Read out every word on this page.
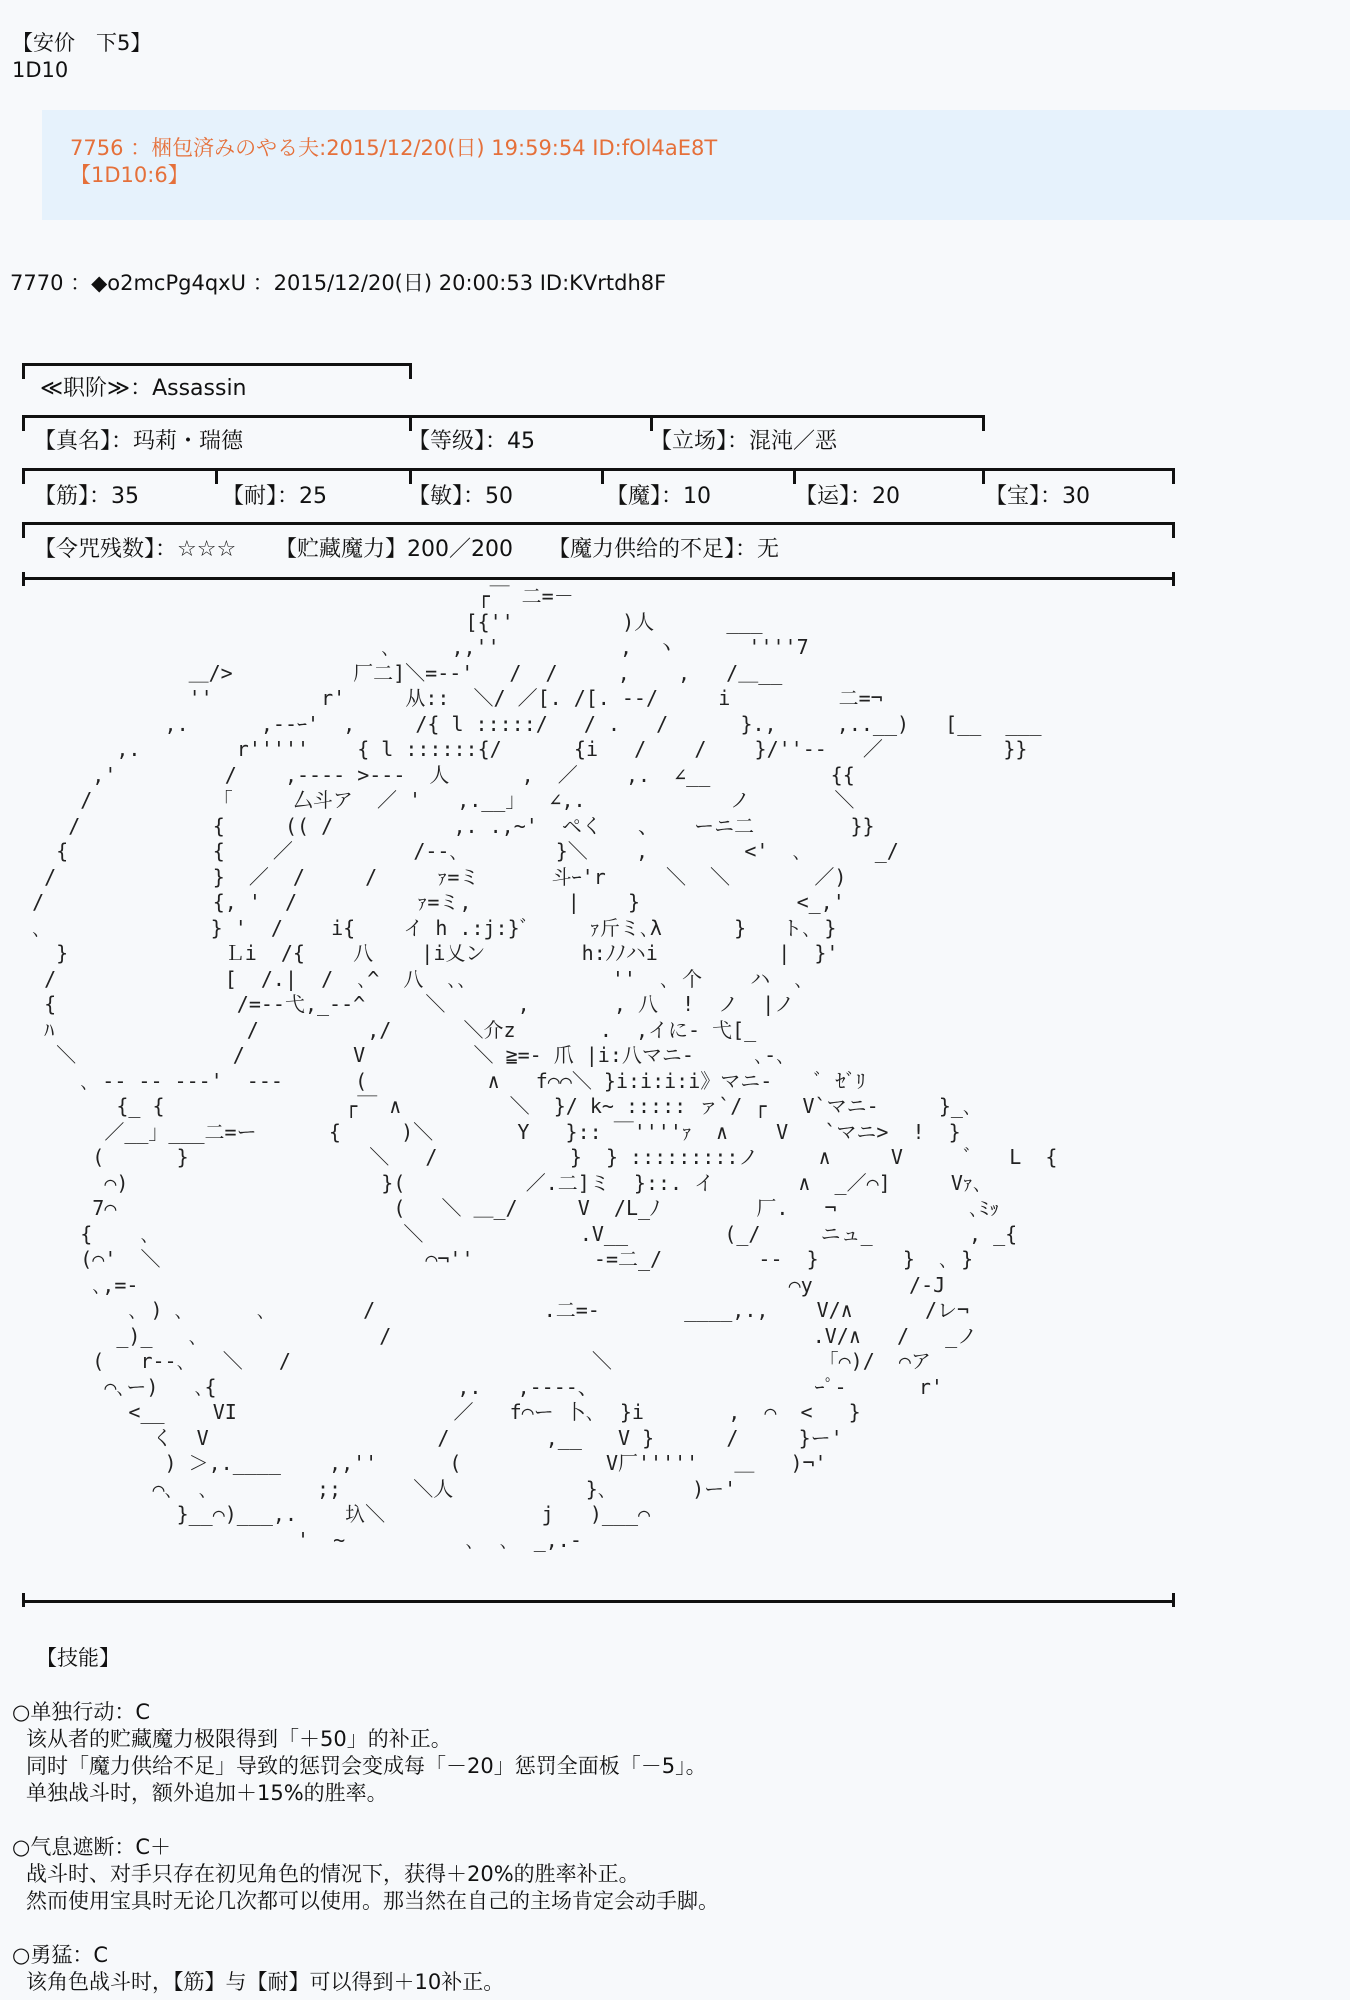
【安价　下5】

1D10

7756 ：梱包済みのやる夫:2015/12/20(日) 19:59:54 ID:fOl4aE8T
【1D10:6】

7770 ：◆o2mcPg4qxU ：2015/12/20(日) 20:00:53 ID:KVrtdh8F

≪职阶≫：Assassin
【真名】：玛莉・瑞德	【等级】：45	【立场】：混沌／恶
【筋】：35	【耐】：25	【敏】：50	【魔】：10	【运】：20	【宝】：30
【令咒残数】：☆☆☆ 【贮藏魔力】200／200 【魔力供给的不足】：无
┌￣ 二=－
[{''         )人      ___
､     ,,''          ,  ヽ      ''''7
＿/>          厂二]＼=--'   /  /     ,    ,   /＿__
''         r'     从::  ＼/ ／[. /[. -‐/     i         二=¬
,.      ,--ｰ'  ,     /{ l :::::/   / .   /      }.,     ,..__)   [__  ___
,.        r'''''    { l ::::::{/      {i   /    /    }/''--   ／          }}
,'         /    ,---- >---  人      ,  ／    ,.  ∠__          {{
/          「     厶斗ア  ／ '   ,.__」  ∠,.            ノ       ＼
/           {     (( /          ,. .,~'  ペく   、   ーニ二        }}
{            {    ／          /--､        }＼    ,        <'  ､      _/
/             }  ／  /     /     ｧ=ミ      斗ｰ'r     ＼  ＼       ／)
/              {, '  /          ｧ=ミ,        |    }             <_,'
､              } '  /    i{    イ h .:j:}ﾞ     ｧ斤ミ､λ      }   ト､ }
}             Ｌi  /{    八    |i乂ン        h:ﾉﾉハi          |  }'
/              [  /.|  /  ､^  八  ､､            ''  ､ 个    ハ  ､
{               /=--弋,_--^     ＼      ,       , 八  !  ノ  |ノ
ﾊ                /         ,/      ＼介z       .  ,イに- 弋[_
＼             /         V         ＼ ≧=- 爪 |i:八マニ-     ､-､
､ -- -- ---'  ---      (          ∧   f⌒⌒＼ }i:i:i:i》マニ-    ﾞ ｾﾞﾘ
{_ {               ┌￣ ∧         ＼  }/ k~ ::::: ァ`/ ┌   V`マニ-     }_､
／__」___二=ー      {     )＼       Y   }:: ￣''''ｧ  ∧    V   `マニ>  !  }
(      }               ＼   /           }  } :::::::::ノ     ∧     V     ﾞ   L  {
⌒)                     }(          ／.二]ミ  }::. イ       ∧  _／⌒]     Vｧ､
7⌒                       (   ＼ ＿_/     V  /L_ﾉ        厂.   ¬           ､ﾐｯ
{    ､                     ＼             .V__        (_/     ニュ_        , _{
(⌒'  ＼                      ⌒¬''          -=二_/        --  }       }  ､ }
､,=-                                                      ⌒y        /-J
､ ) ､      ､        /              .二=-       ____,.,    V/∧      /レ¬
_)_   ､               /                                   .V/∧   /   _ノ
(   r--､   ＼   /                         ＼                  ｢⌒)/  ⌒ア
⌒､ー)   ､{                    ,.   ,----、                  ｰﾟ-      r'
<__    VI                  ／   f⌒ー 卜､  }i       ,  ⌒  <   }
く  V                   /        ,__   V }      /     }ー'
) ＞,.____    ,,''      (            V厂'''''   ＿   )¬'
⌒､  ､         ;;      ＼人           }､       )ー'
}__⌒)___,.    圦＼             j   )___⌒
'  ~          ､  ､  _,.-
【技能】
○单独行动：C
该从者的贮藏魔力极限得到「＋50」的补正。
同时「魔力供给不足」导致的惩罚会变成每「－20」惩罚全面板「－5」。
单独战斗时，额外追加＋15%的胜率。
○气息遮断：C＋
战斗时、对手只存在初见角色的情况下，获得＋20%的胜率补正。
然而使用宝具时无论几次都可以使用。那当然在自己的主场肯定会动手脚。
○勇猛：C
该角色战斗时，【筋】与【耐】可以得到＋10补正。
